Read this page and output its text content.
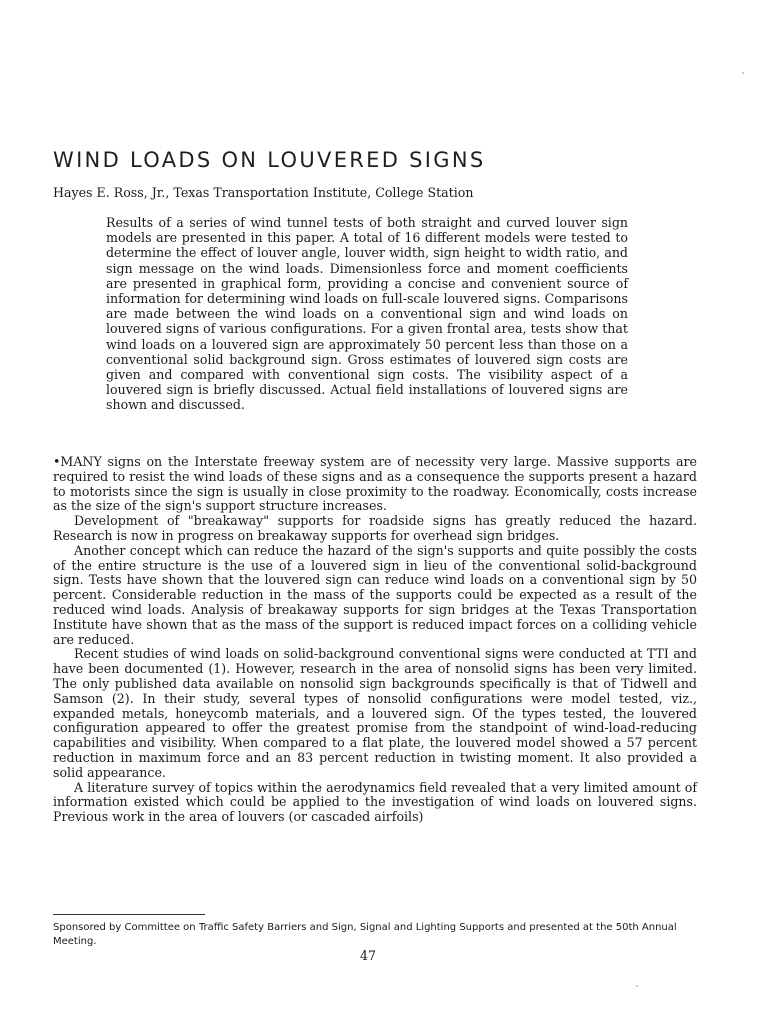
WIND LOADS ON LOUVERED SIGNS
Hayes E. Ross, Jr., Texas Transportation Institute, College Station
Results of a series of wind tunnel tests of both straight and curved louver sign models are presented in this paper. A total of 16 different models were tested to determine the effect of louver angle, louver width, sign height to width ratio, and sign message on the wind loads. Dimensionless force and moment coefficients are presented in graphical form, providing a concise and convenient source of information for determining wind loads on full-scale louvered signs. Comparisons are made between the wind loads on a conventional sign and wind loads on louvered signs of various configurations. For a given frontal area, tests show that wind loads on a louvered sign are approximately 50 percent less than those on a conventional solid background sign. Gross estimates of louvered sign costs are given and compared with conventional sign costs. The visibility aspect of a louvered sign is briefly discussed. Actual field installations of louvered signs are shown and discussed.

•MANY signs on the Interstate freeway system are of necessity very large. Massive supports are required to resist the wind loads of these signs and as a consequence the supports present a hazard to motorists since the sign is usually in close proximity to the roadway. Economically, costs increase as the size of the sign's support structure increases.

Development of "breakaway" supports for roadside signs has greatly reduced the hazard. Research is now in progress on breakaway supports for overhead sign bridges.

Another concept which can reduce the hazard of the sign's supports and quite possibly the costs of the entire structure is the use of a louvered sign in lieu of the conventional solid-background sign. Tests have shown that the louvered sign can reduce wind loads on a conventional sign by 50 percent. Considerable reduction in the mass of the supports could be expected as a result of the reduced wind loads. Analysis of breakaway supports for sign bridges at the Texas Transportation Institute have shown that as the mass of the support is reduced impact forces on a colliding vehicle are reduced.

Recent studies of wind loads on solid-background conventional signs were conducted at TTI and have been documented (1). However, research in the area of nonsolid signs has been very limited. The only published data available on nonsolid sign backgrounds specifically is that of Tidwell and Samson (2). In their study, several types of nonsolid configurations were model tested, viz., expanded metals, honeycomb materials, and a louvered sign. Of the types tested, the louvered configuration appeared to offer the greatest promise from the standpoint of wind-load-reducing capabilities and visibility. When compared to a flat plate, the louvered model showed a 57 percent reduction in maximum force and an 83 percent reduction in twisting moment. It also provided a solid appearance.

A literature survey of topics within the aerodynamics field revealed that a very limited amount of information existed which could be applied to the investigation of wind loads on louvered signs. Previous work in the area of louvers (or cascaded airfoils)

Sponsored by Committee on Traffic Safety Barriers and Sign, Signal and Lighting Supports and presented at the 50th Annual Meeting.
47
